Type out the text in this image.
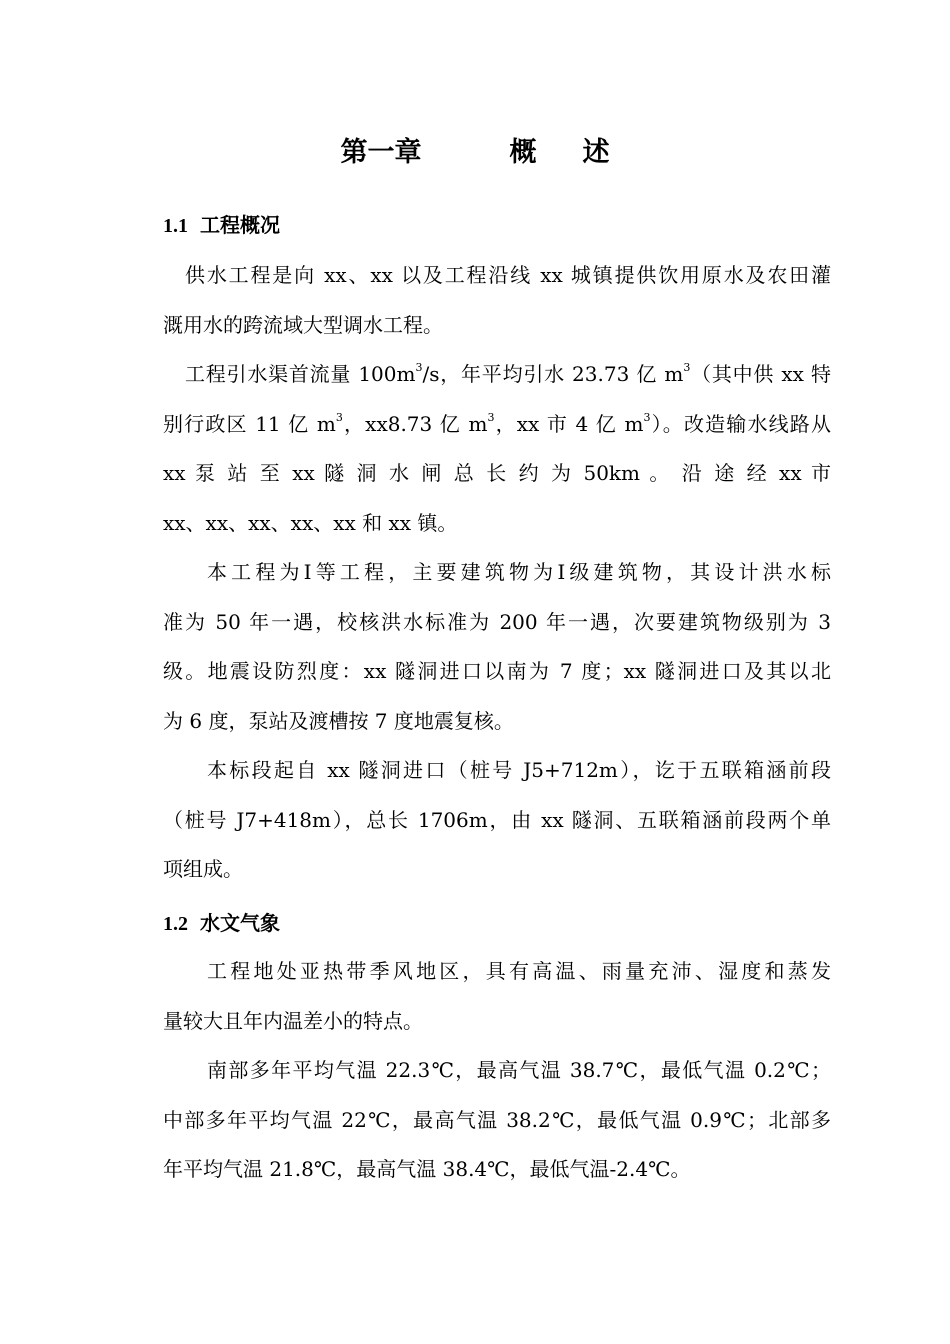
第一章	概 述
1.1 工程概况
供水工程是向 xx、xx 以及工程沿线 xx 城镇提供饮用原水及农田灌
溉用水的跨流域大型调水工程。
工程引水渠首流量 $100m^3/s$，年平均引水 23.73 亿 $m^3$（其中供 xx 特
别行政区 11 亿 $m^3$，xx8.73 亿 $m^3$，xx 市 4 亿 $m^3$）。改造输水线路从
xx 泵 站 至 xx 隧 洞 水 闸 总 长 约 为 50km 。 沿 途 经 xx 市
xx、xx、xx、xx、xx 和 xx 镇。
本工程为Ⅰ等工程，主要建筑物为Ⅰ级建筑物，其设计洪水标
准为 50 年一遇，校核洪水标准为 200 年一遇，次要建筑物级别为 3
级。地震设防烈度：xx 隧洞进口以南为 7 度；xx 隧洞进口及其以北
为 6 度，泵站及渡槽按 7 度地震复核。
本标段起自 xx 隧洞进口（桩号 J5+712m），讫于五联箱涵前段
（桩号 J7+418m），总长 1706m，由 xx 隧洞、五联箱涵前段两个单
项组成。
1.2 水文气象
工程地处亚热带季风地区，具有高温、雨量充沛、湿度和蒸发
量较大且年内温差小的特点。
南部多年平均气温 22.3℃，最高气温 38.7℃，最低气温 0.2℃；
中部多年平均气温 22℃，最高气温 38.2℃，最低气温 0.9℃；北部多
年平均气温 21.8℃，最高气温 38.4℃，最低气温-2.4℃。
